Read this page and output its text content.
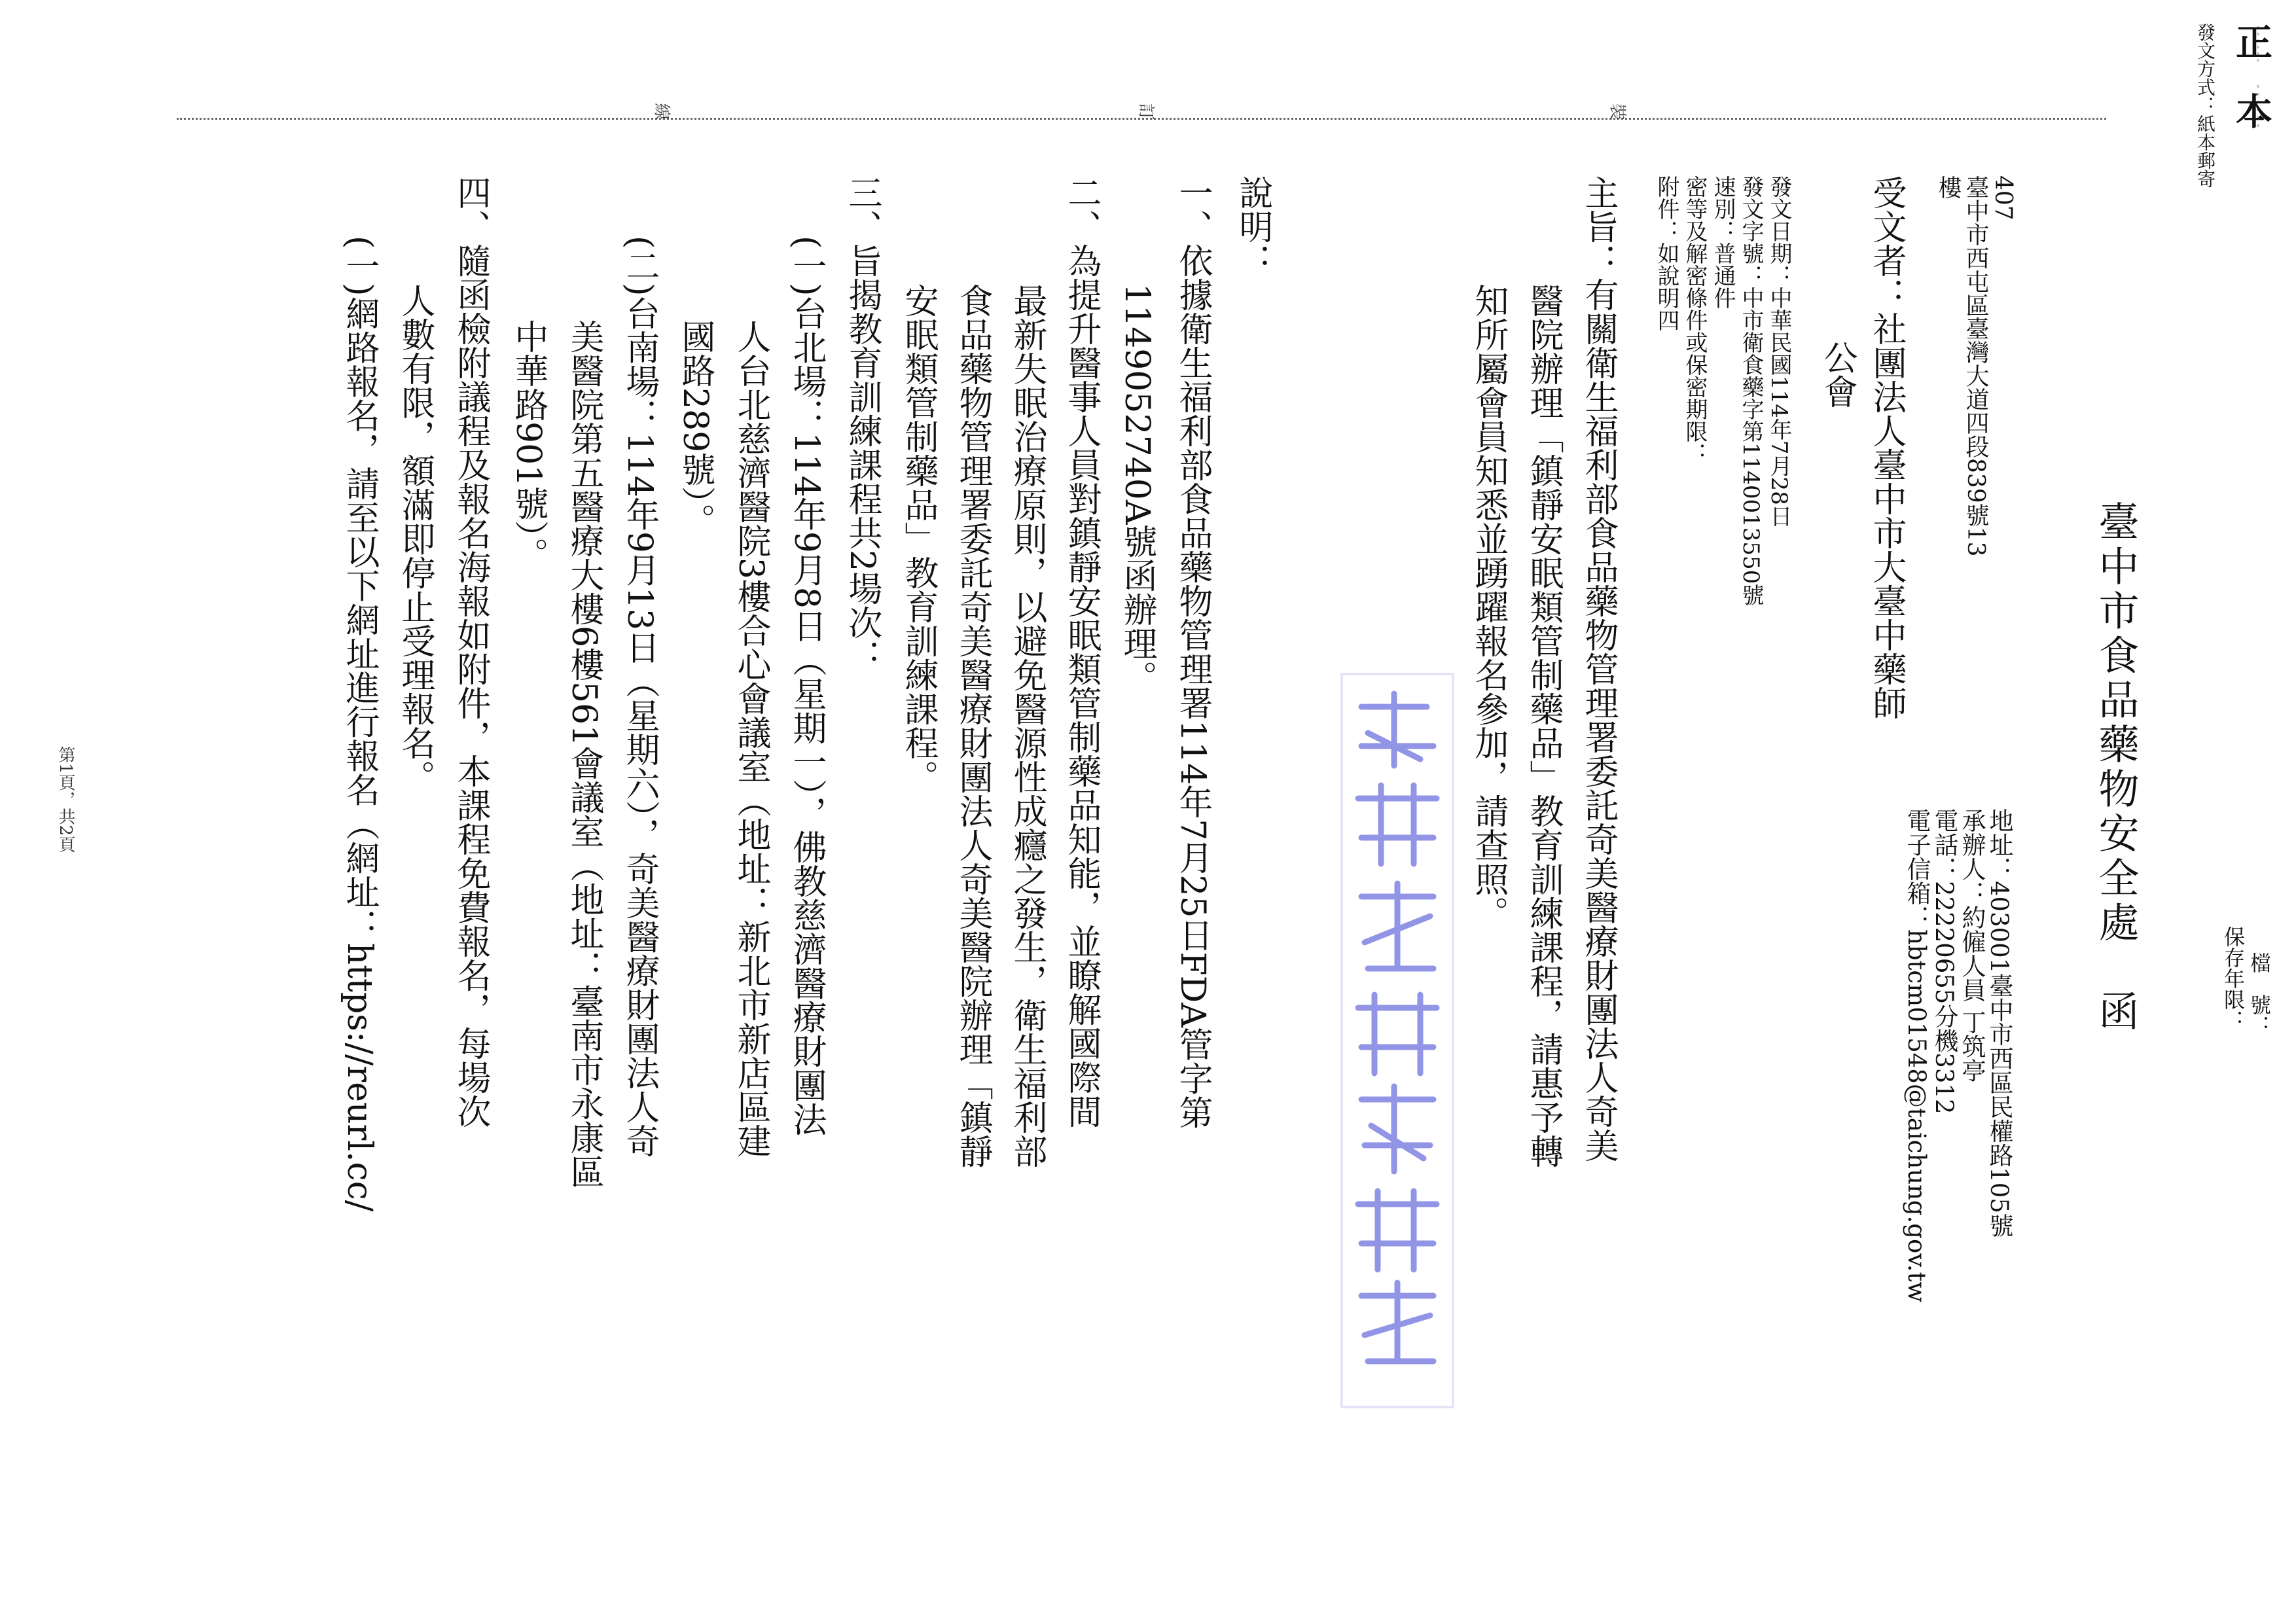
裝
訂
線	正本
發文方式：紙本郵寄
檔　號：
保存年限：
臺中市食品藥物安全處　函
地址：403001臺中市西區民權路105號
承辦人：約僱人員 丁筑亭
電話：22220655分機3312
電子信箱：hbtcm01548@taichung.gov.tw
407
臺中市西屯區臺灣大道四段839號13
樓
受文者：社團法人臺中市大臺中藥師
公會
發文日期：中華民國114年7月28日
發文字號：中市衛食藥字第1140013550號
速別：普通件
密等及解密條件或保密期限：
附件：如說明四
主旨：有關衛生福利部食品藥物管理署委託奇美醫療財團法人奇美
醫院辦理「鎮靜安眠類管制藥品」教育訓練課程，請惠予轉
知所屬會員知悉並踴躍報名參加，請查照。
說明：
一、依據衛生福利部食品藥物管理署114年7月25日FDA管字第
1149052740A號函辦理。
二、為提升醫事人員對鎮靜安眠類管制藥品知能，並瞭解國際間
最新失眠治療原則，以避免醫源性成癮之發生，衛生福利部
食品藥物管理署委託奇美醫療財團法人奇美醫院辦理「鎮靜
安眠類管制藥品」教育訓練課程。
三、旨揭教育訓練課程共2場次：
(一)台北場：114年9月8日（星期一），佛教慈濟醫療財團法
人台北慈濟醫院3樓合心會議室（地址：新北市新店區建
國路289號）。
(二)台南場：114年9月13日（星期六），奇美醫療財團法人奇
美醫院第五醫療大樓6樓561會議室（地址：臺南市永康區
中華路901號）。
四、隨函檢附議程及報名海報如附件，本課程免費報名，每場次
人數有限，額滿即停止受理報名。
(一)網路報名，請至以下網址進行報名（網址：https://reurl.cc/
第1頁，共2頁
